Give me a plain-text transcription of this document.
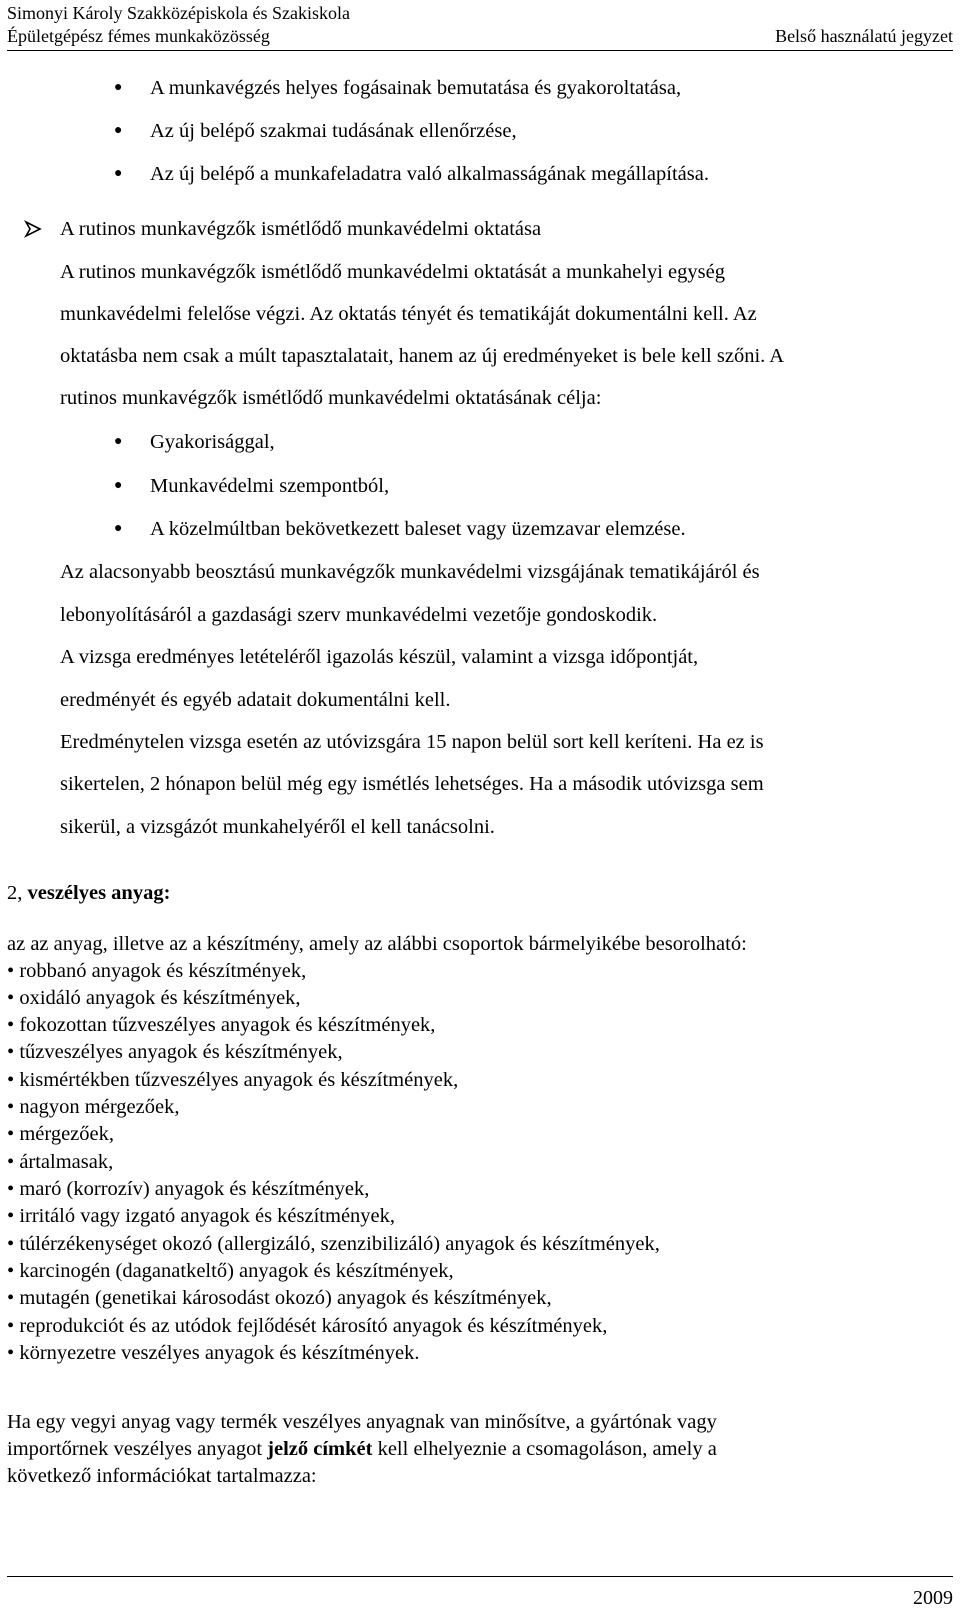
Simonyi Károly Szakközépiskola és Szakiskola
Épületgépész fémes munkaközösség	Belső használatú jegyzet
● A munkavégzés helyes fogásainak bemutatása és gyakoroltatása,
● Az új belépő szakmai tudásának ellenőrzése,
● Az új belépő a munkafeladatra való alkalmasságának megállapítása.
A rutinos munkavégzők ismétlődő munkavédelmi oktatása
A rutinos munkavégzők ismétlődő munkavédelmi oktatását a munkahelyi egység
munkavédelmi felelőse végzi. Az oktatás tényét és tematikáját dokumentálni kell. Az
oktatásba nem csak a múlt tapasztalatait, hanem az új eredményeket is bele kell szőni. A
rutinos munkavégzők ismétlődő munkavédelmi oktatásának célja:
● Gyakorisággal,
● Munkavédelmi szempontból,
● A közelmúltban bekövetkezett baleset vagy üzemzavar elemzése.
Az alacsonyabb beosztású munkavégzők munkavédelmi vizsgájának tematikájáról és
lebonyolításáról a gazdasági szerv munkavédelmi vezetője gondoskodik.
A vizsga eredményes letételéről igazolás készül, valamint a vizsga időpontját,
eredményét és egyéb adatait dokumentálni kell.
Eredménytelen vizsga esetén az utóvizsgára 15 napon belül sort kell keríteni. Ha ez is
sikertelen, 2 hónapon belül még egy ismétlés lehetséges. Ha a második utóvizsga sem
sikerül, a vizsgázót munkahelyéről el kell tanácsolni.
2, veszélyes anyag:
az az anyag, illetve az a készítmény, amely az alábbi csoportok bármelyikébe besorolható:
• robbanó anyagok és készítmények,
• oxidáló anyagok és készítmények,
• fokozottan tűzveszélyes anyagok és készítmények,
• tűzveszélyes anyagok és készítmények,
• kismértékben tűzveszélyes anyagok és készítmények,
• nagyon mérgezőek,
• mérgezőek,
• ártalmasak,
• maró (korrozív) anyagok és készítmények,
• irritáló vagy izgató anyagok és készítmények,
• túlérzékenységet okozó (allergizáló, szenzibilizáló) anyagok és készítmények,
• karcinogén (daganatkeltő) anyagok és készítmények,
• mutagén (genetikai károsodást okozó) anyagok és készítmények,
• reprodukciót és az utódok fejlődését károsító anyagok és készítmények,
• környezetre veszélyes anyagok és készítmények.
Ha egy vegyi anyag vagy termék veszélyes anyagnak van minősítve, a gyártónak vagy
importőrnek veszélyes anyagot jelző címkét kell elhelyeznie a csomagoláson, amely a
következő információkat tartalmazza:
2009
